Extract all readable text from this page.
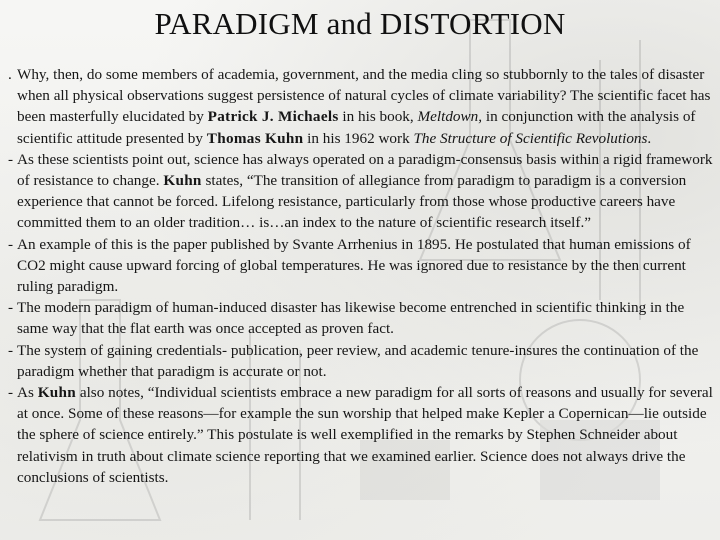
PARADIGM and DISTORTION

. Why, then, do some members of academia, government, and the media cling so stubbornly to the tales of disaster when all physical observations suggest persistence of natural cycles of climate variability? The scientific facet has been masterfully elucidated by Patrick J. Michaels in his book, Meltdown, in conjunction with the analysis of scientific attitude presented by Thomas Kuhn in his 1962 work The Structure of Scientific Revolutions.

- As these scientists point out, science has always operated on a paradigm-consensus basis within a rigid framework of resistance to change. Kuhn states, “The transition of allegiance from paradigm to paradigm is a conversion experience that cannot be forced. Lifelong resistance, particularly from those whose productive careers have committed them to an older tradition… is…an index to the nature of scientific research itself.”

- An example of this is the paper published by Svante Arrhenius in 1895. He postulated that human emissions of CO2 might cause upward forcing of global temperatures. He was ignored due to resistance by the then current ruling paradigm.

- The modern paradigm of human-induced disaster has likewise become entrenched in scientific thinking in the same way that the flat earth was once accepted as proven fact.

- The system of gaining credentials- publication, peer review, and academic tenure-insures the continuation of the paradigm whether that paradigm is accurate or not.

- As Kuhn also notes, “Individual scientists embrace a new paradigm for all sorts of reasons and usually for several at once. Some of these reasons—for example the sun worship that helped make Kepler a Copernican—lie outside the sphere of science entirely.” This postulate is well exemplified in the remarks by Stephen Schneider about relativism in truth about climate science reporting that we examined earlier. Science does not always drive the conclusions of scientists.
